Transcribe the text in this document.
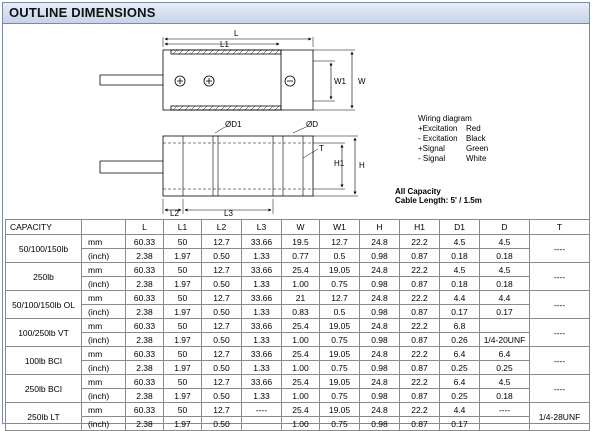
OUTLINE DIMENSIONS
L
L1
W1 W
ØD1	ØD
T
H1 H
L2	L3
Wiring diagram
+Excitation	Red
- Excitation	Black
+Signal	Green
- Signal	White
All Capacity
Cable Length: 5' / 1.5m
CAPACITY		L	L1	L2	L3	W	W1	H	H1	D1	D	T
50/100/150lb	mm	60.33	50	12.7	33.66	19.5	12.7	24.8	22.2	4.5	4.5	----
	(inch)	2.38	1.97	0.50	1.33	0.77	0.5	0.98	0.87	0.18	0.18	
250lb	mm	60.33	50	12.7	33.66	25.4	19.05	24.8	22.2	4.5	4.5	----
	(inch)	2.38	1.97	0.50	1.33	1.00	0.75	0.98	0.87	0.18	0.18	
50/100/150lb OL	mm	60.33	50	12.7	33.66	21	12.7	24.8	22.2	4.4	4.4	----
	(inch)	2.38	1.97	0.50	1.33	0.83	0.5	0.98	0.87	0.17	0.17	
100/250lb VT	mm	60.33	50	12.7	33.66	25.4	19.05	24.8	22.2	6.8		----
	(inch)	2.38	1.97	0.50	1.33	1.00	0.75	0.98	0.87	0.26	1/4-20UNF	
100lb BCI	mm	60.33	50	12.7	33.66	25.4	19.05	24.8	22.2	6.4	6.4	----
	(inch)	2.38	1.97	0.50	1.33	1.00	0.75	0.98	0.87	0.25	0.25	
250lb BCI	mm	60.33	50	12.7	33.66	25.4	19.05	24.8	22.2	6.4	4.5	----
	(inch)	2.38	1.97	0.50	1.33	1.00	0.75	0.98	0.87	0.25	0.18	
250lb LT	mm	60.33	50	12.7	----	25.4	19.05	24.8	22.2	4.4	----	1/4-28UNF
	(inch)	2.38	1.97	0.50		1.00	0.75	0.98	0.87	0.17		
